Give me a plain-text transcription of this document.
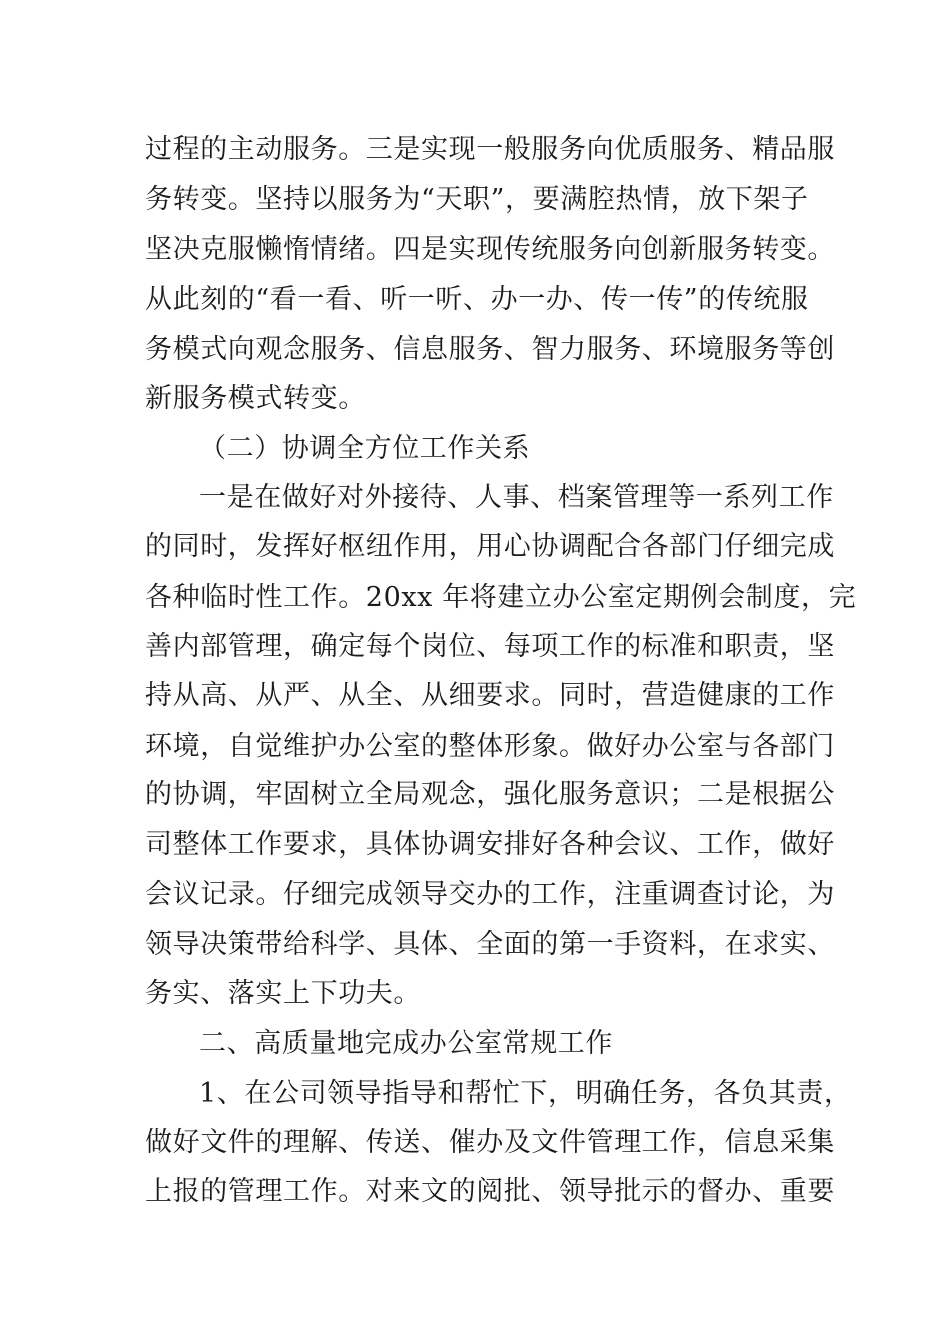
过程的主动服务。三是实现一般服务向优质服务、精品服
务转变。坚持以服务为“天职”，要满腔热情，放下架子
坚决克服懒惰情绪。四是实现传统服务向创新服务转变。
从此刻的“看一看、听一听、办一办、传一传”的传统服
务模式向观念服务、信息服务、智力服务、环境服务等创
新服务模式转变。
（二）协调全方位工作关系
一是在做好对外接待、人事、档案管理等一系列工作
的同时，发挥好枢纽作用，用心协调配合各部门仔细完成
各种临时性工作。20xx 年将建立办公室定期例会制度，完
善内部管理，确定每个岗位、每项工作的标准和职责，坚
持从高、从严、从全、从细要求。同时，营造健康的工作
环境，自觉维护办公室的整体形象。做好办公室与各部门
的协调，牢固树立全局观念，强化服务意识；二是根据公
司整体工作要求，具体协调安排好各种会议、工作，做好
会议记录。仔细完成领导交办的工作，注重调查讨论，为
领导决策带给科学、具体、全面的第一手资料，在求实、
务实、落实上下功夫。
二、高质量地完成办公室常规工作
1、在公司领导指导和帮忙下，明确任务，各负其责，
做好文件的理解、传送、催办及文件管理工作，信息采集
上报的管理工作。对来文的阅批、领导批示的督办、重要
